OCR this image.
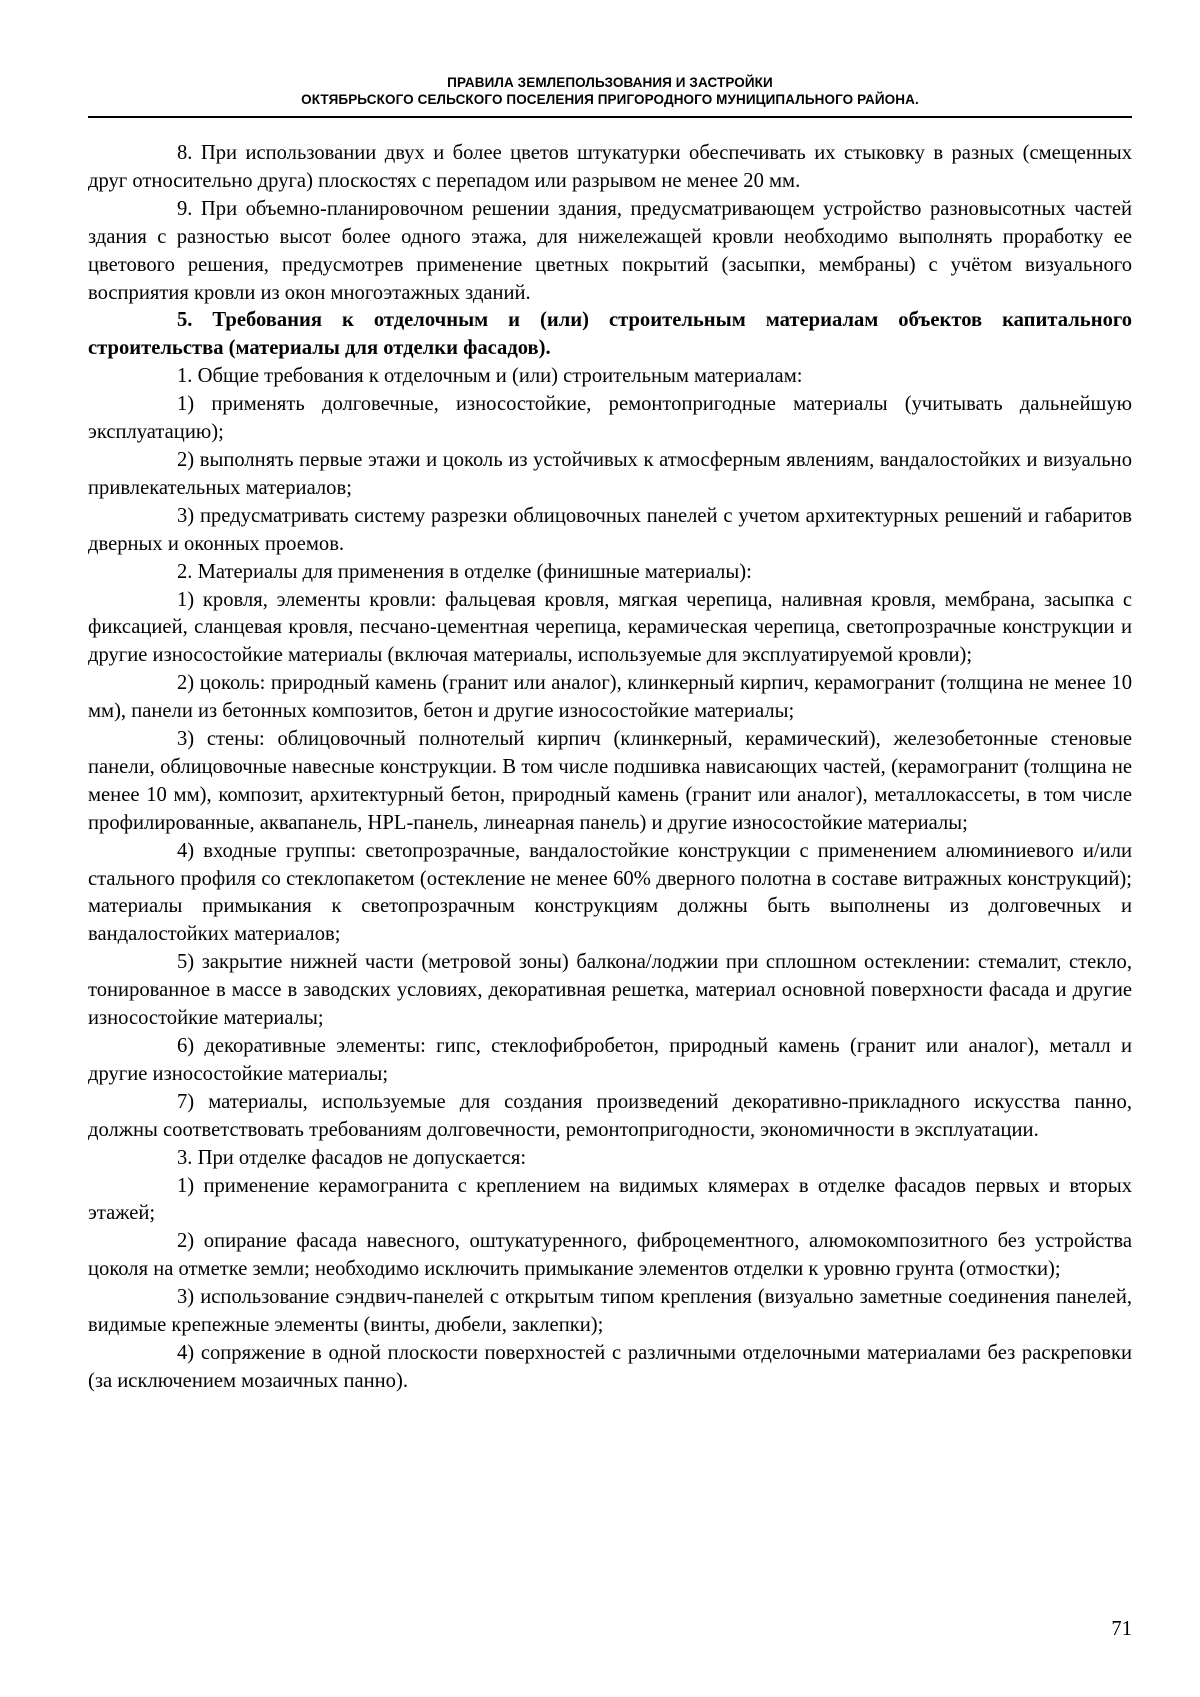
ПРАВИЛА ЗЕМЛЕПОЛЬЗОВАНИЯ И ЗАСТРОЙКИ
ОКТЯБРЬСКОГО СЕЛЬСКОГО ПОСЕЛЕНИЯ ПРИГОРОДНОГО МУНИЦИПАЛЬНОГО РАЙОНА.

8. При использовании двух и более цветов штукатурки обеспечивать их стыковку в разных (смещенных друг относительно друга) плоскостях с перепадом или разрывом не менее 20 мм.

9. При объемно-планировочном решении здания, предусматривающем устройство разновысотных частей здания с разностью высот более одного этажа, для нижележащей кровли необходимо выполнять проработку ее цветового решения, предусмотрев применение цветных покрытий (засыпки, мембраны) с учётом визуального восприятия кровли из окон многоэтажных зданий.

5. Требования к отделочным и (или) строительным материалам объектов капитального строительства (материалы для отделки фасадов).

1. Общие требования к отделочным и (или) строительным материалам:

1) применять долговечные, износостойкие, ремонтопригодные материалы (учитывать дальнейшую эксплуатацию);

2) выполнять первые этажи и цоколь из устойчивых к атмосферным явлениям, вандалостойких и визуально привлекательных материалов;

3) предусматривать систему разрезки облицовочных панелей с учетом архитектурных решений и габаритов дверных и оконных проемов.

2. Материалы для применения в отделке (финишные материалы):

1) кровля, элементы кровли: фальцевая кровля, мягкая черепица, наливная кровля, мембрана, засыпка с фиксацией, сланцевая кровля, песчано-цементная черепица, керамическая черепица, светопрозрачные конструкции и другие износостойкие материалы (включая материалы, используемые для эксплуатируемой кровли);

2) цоколь: природный камень (гранит или аналог), клинкерный кирпич, керамогранит (толщина не менее 10 мм), панели из бетонных композитов, бетон и другие износостойкие материалы;

3) стены: облицовочный полнотелый кирпич (клинкерный, керамический), железобетонные стеновые панели, облицовочные навесные конструкции. В том числе подшивка нависающих частей, (керамогранит (толщина не менее 10 мм), композит, архитектурный бетон, природный камень (гранит или аналог), металлокассеты, в том числе профилированные, аквапанель, HPL-панель, линеарная панель) и другие износостойкие материалы;

4) входные группы: светопрозрачные, вандалостойкие конструкции с применением алюминиевого и/или стального профиля со стеклопакетом (остекление не менее 60% дверного полотна в составе витражных конструкций); материалы примыкания к светопрозрачным конструкциям должны быть выполнены из долговечных и вандалостойких материалов;

5) закрытие нижней части (метровой зоны) балкона/лоджии при сплошном остеклении: стемалит, стекло, тонированное в массе в заводских условиях, декоративная решетка, материал основной поверхности фасада и другие износостойкие материалы;

6) декоративные элементы: гипс, стеклофибробетон, природный камень (гранит или аналог), металл и другие износостойкие материалы;

7) материалы, используемые для создания произведений декоративно-прикладного искусства панно, должны соответствовать требованиям долговечности, ремонтопригодности, экономичности в эксплуатации.

3. При отделке фасадов не допускается:

1) применение керамогранита с креплением на видимых клямерах в отделке фасадов первых и вторых этажей;

2) опирание фасада навесного, оштукатуренного, фиброцементного, алюмокомпозитного без устройства цоколя на отметке земли; необходимо исключить примыкание элементов отделки к уровню грунта (отмостки);

3) использование сэндвич-панелей с открытым типом крепления (визуально заметные соединения панелей, видимые крепежные элементы (винты, дюбели, заклепки);

4) сопряжение в одной плоскости поверхностей с различными отделочными материалами без раскреповки (за исключением мозаичных панно).

71
